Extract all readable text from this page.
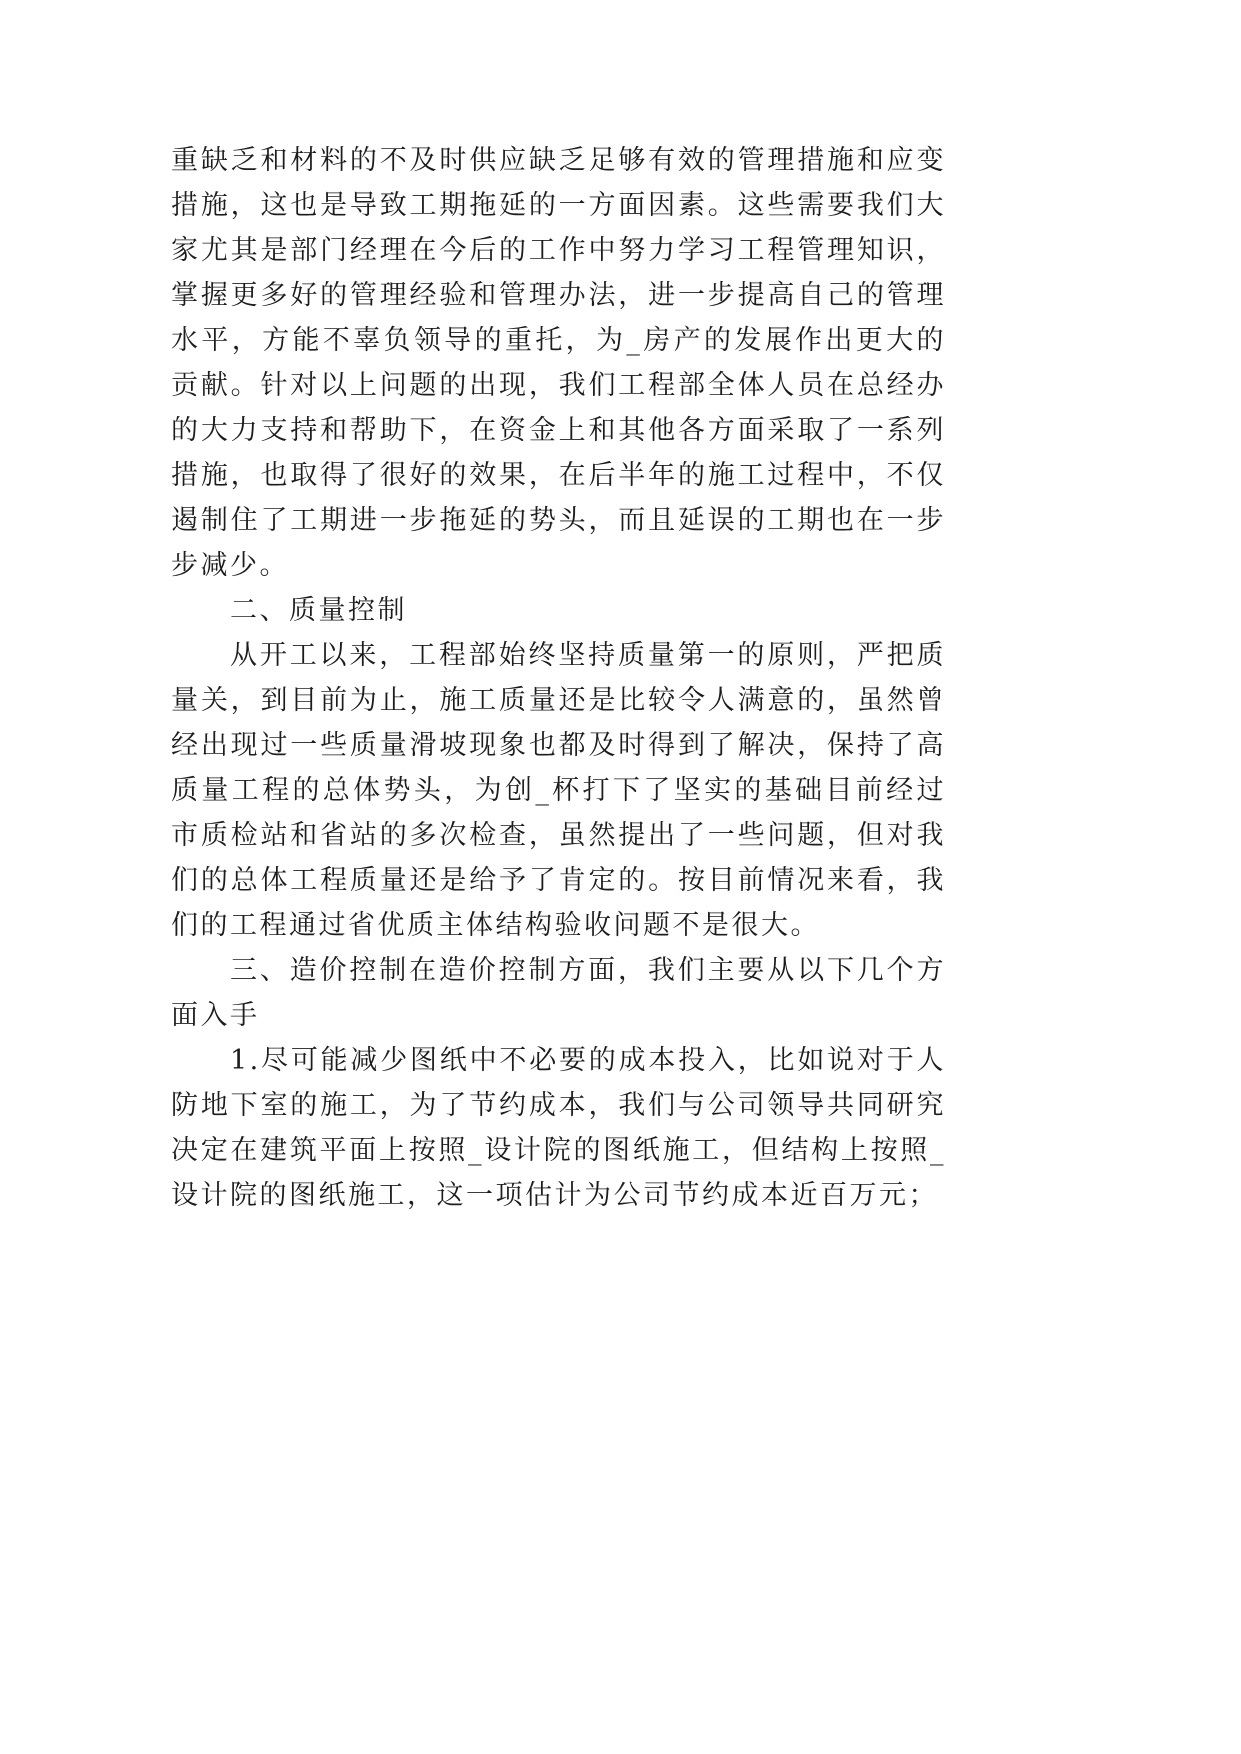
重缺乏和材料的不及时供应缺乏足够有效的管理措施和应变措施，这也是导致工期拖延的一方面因素。这些需要我们大家尤其是部门经理在今后的工作中努力学习工程管理知识，掌握更多好的管理经验和管理办法，进一步提高自己的管理水平，方能不辜负领导的重托，为_房产的发展作出更大的贡献。针对以上问题的出现，我们工程部全体人员在总经办的大力支持和帮助下，在资金上和其他各方面采取了一系列措施，也取得了很好的效果，在后半年的施工过程中，不仅遏制住了工期进一步拖延的势头，而且延误的工期也在一步步减少。

二、质量控制

从开工以来，工程部始终坚持质量第一的原则，严把质量关，到目前为止，施工质量还是比较令人满意的，虽然曾经出现过一些质量滑坡现象也都及时得到了解决，保持了高质量工程的总体势头，为创_杯打下了坚实的基础目前经过市质检站和省站的多次检查，虽然提出了一些问题，但对我们的总体工程质量还是给予了肯定的。按目前情况来看，我们的工程通过省优质主体结构验收问题不是很大。

三、造价控制在造价控制方面，我们主要从以下几个方面入手

1.尽可能减少图纸中不必要的成本投入，比如说对于人防地下室的施工，为了节约成本，我们与公司领导共同研究决定在建筑平面上按照_设计院的图纸施工，但结构上按照_设计院的图纸施工，这一项估计为公司节约成本近百万元；
